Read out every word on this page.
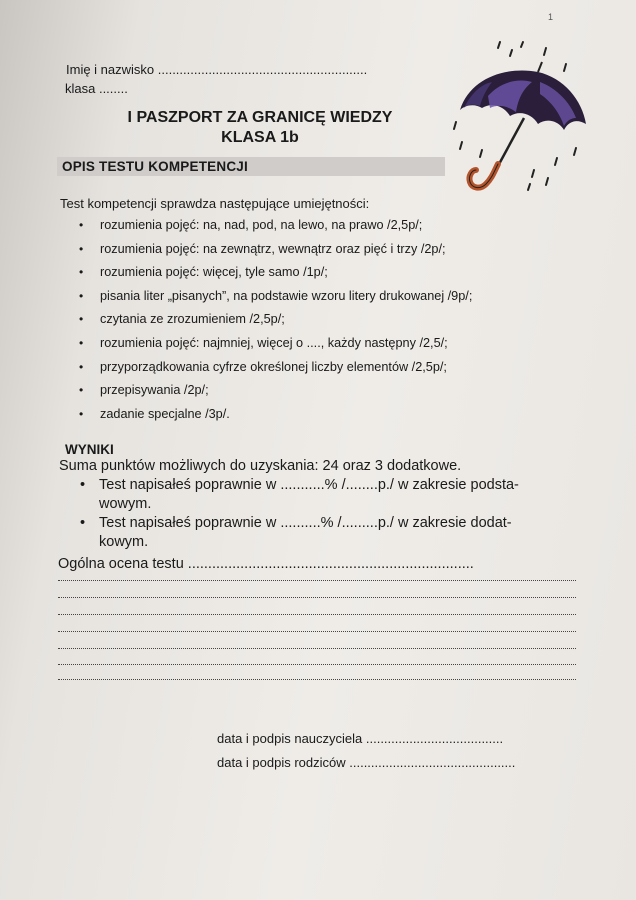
1
Imię i nazwisko ..........................................................
klasa ........
I PASZPORT ZA GRANICĘ WIEDZY
KLASA 1b
OPIS TESTU KOMPETENCJI
Test kompetencji sprawdza następujące umiejętności:
• rozumienia pojęć: na, nad, pod, na lewo, na prawo /2,5p/;
• rozumienia pojęć: na zewnątrz, wewnątrz oraz pięć i trzy /2p/;
• rozumienia pojęć: więcej, tyle samo /1p/;
• pisania liter „pisanych”, na podstawie wzoru litery drukowanej /9p/;
• czytania ze zrozumieniem /2,5p/;
• rozumienia pojęć: najmniej, więcej o ...., każdy następny /2,5/;
• przyporządkowania cyfrze określonej liczby elementów /2,5p/;
• przepisywania /2p/;
• zadanie specjalne /3p/.
WYNIKI
Suma punktów możliwych do uzyskania: 24 oraz 3 dodatkowe.
• Test napisałeś poprawnie w ...........% /........p./ w zakresie podsta-
wowym.
• Test napisałeś poprawnie w ..........% /.........p./ w zakresie dodat-
kowym.
Ogólna ocena testu .......................................................................
data i podpis nauczyciela ......................................
data i podpis rodziców ..............................................
